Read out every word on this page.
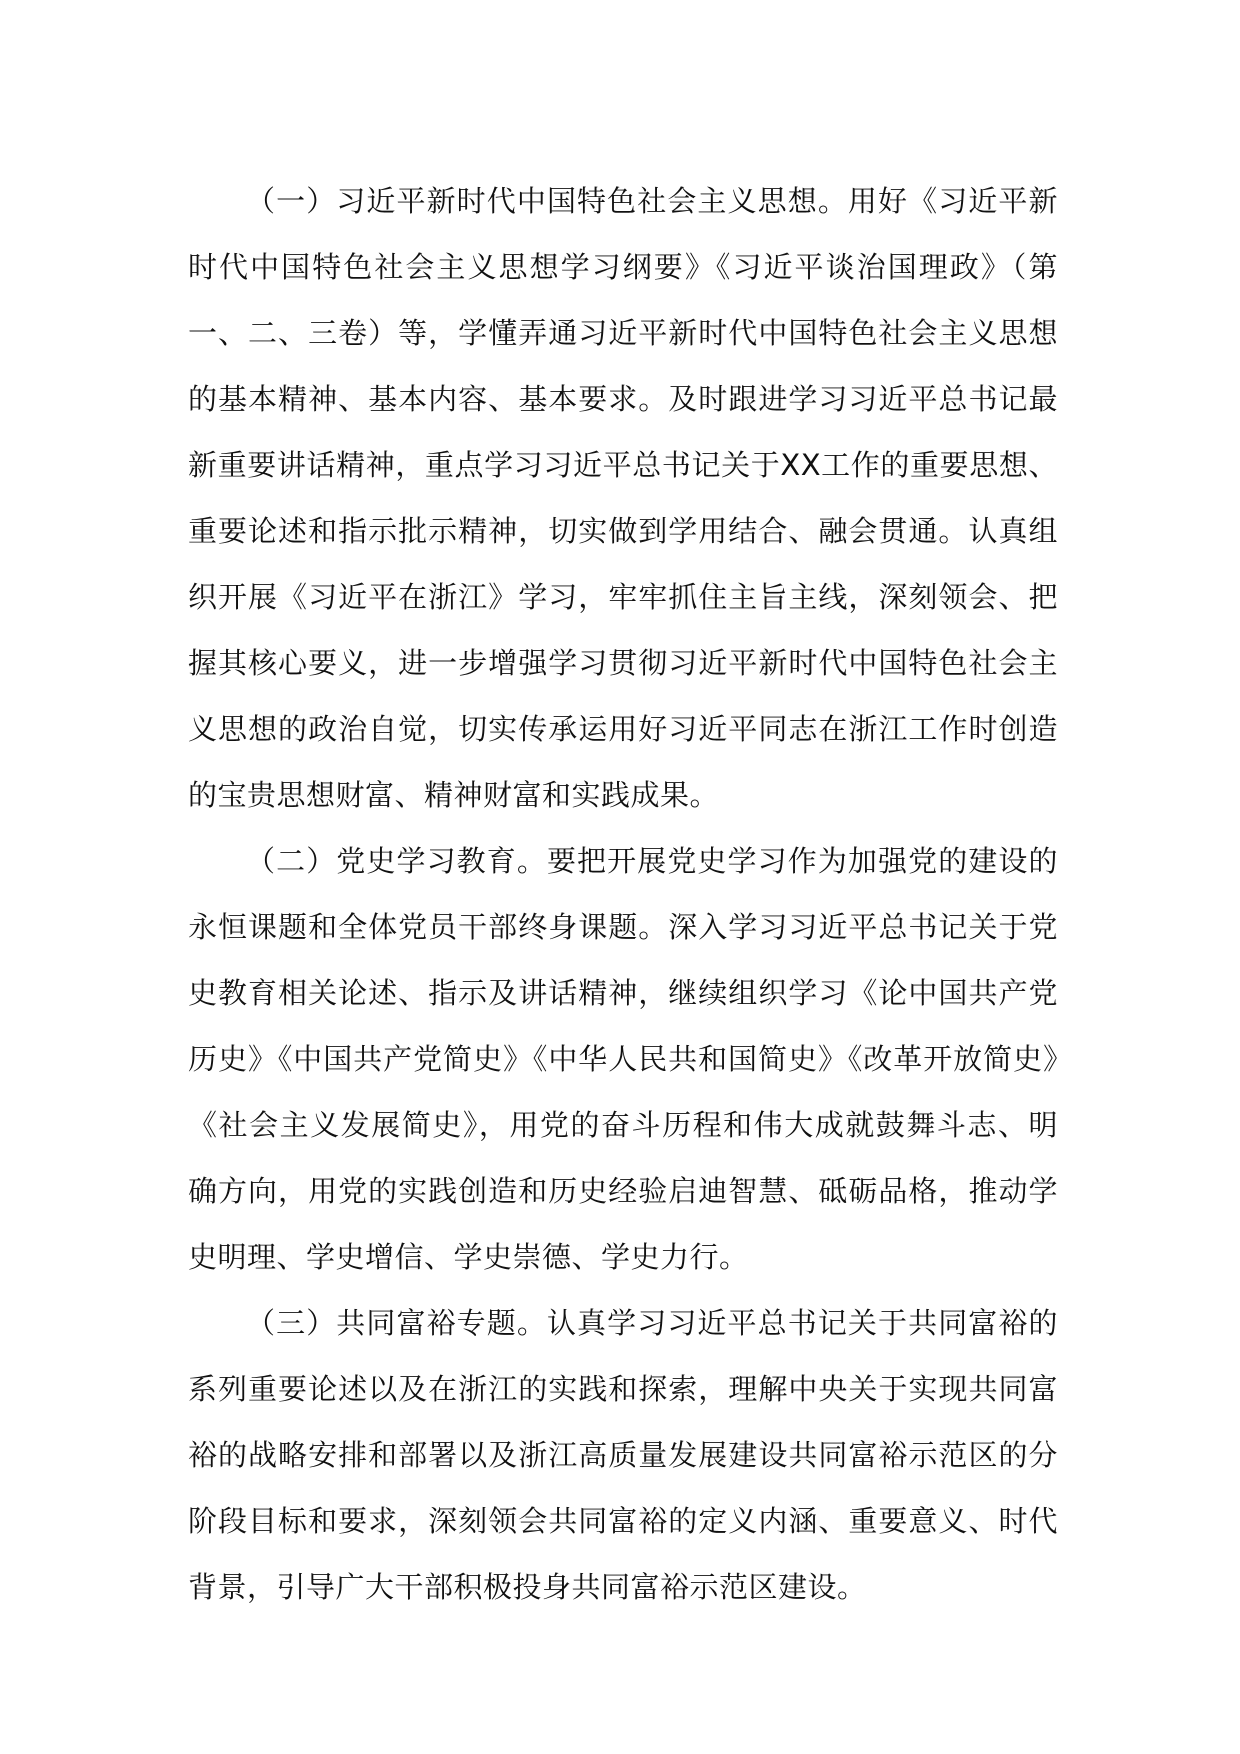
（一）习近平新时代中国特色社会主义思想。用好《习近平新时代中国特色社会主义思想学习纲要》《习近平谈治国理政》（第一、二、三卷）等，学懂弄通习近平新时代中国特色社会主义思想的基本精神、基本内容、基本要求。及时跟进学习习近平总书记最新重要讲话精神，重点学习习近平总书记关于XX工作的重要思想、重要论述和指示批示精神，切实做到学用结合、融会贯通。认真组织开展《习近平在浙江》学习，牢牢抓住主旨主线，深刻领会、把握其核心要义，进一步增强学习贯彻习近平新时代中国特色社会主义思想的政治自觉，切实传承运用好习近平同志在浙江工作时创造的宝贵思想财富、精神财富和实践成果。

（二）党史学习教育。要把开展党史学习作为加强党的建设的永恒课题和全体党员干部终身课题。深入学习习近平总书记关于党史教育相关论述、指示及讲话精神，继续组织学习《论中国共产党历史》《中国共产党简史》《中华人民共和国简史》《改革开放简史》《社会主义发展简史》，用党的奋斗历程和伟大成就鼓舞斗志、明确方向，用党的实践创造和历史经验启迪智慧、砥砺品格，推动学史明理、学史增信、学史崇德、学史力行。

（三）共同富裕专题。认真学习习近平总书记关于共同富裕的系列重要论述以及在浙江的实践和探索，理解中央关于实现共同富裕的战略安排和部署以及浙江高质量发展建设共同富裕示范区的分阶段目标和要求，深刻领会共同富裕的定义内涵、重要意义、时代背景，引导广大干部积极投身共同富裕示范区建设。
